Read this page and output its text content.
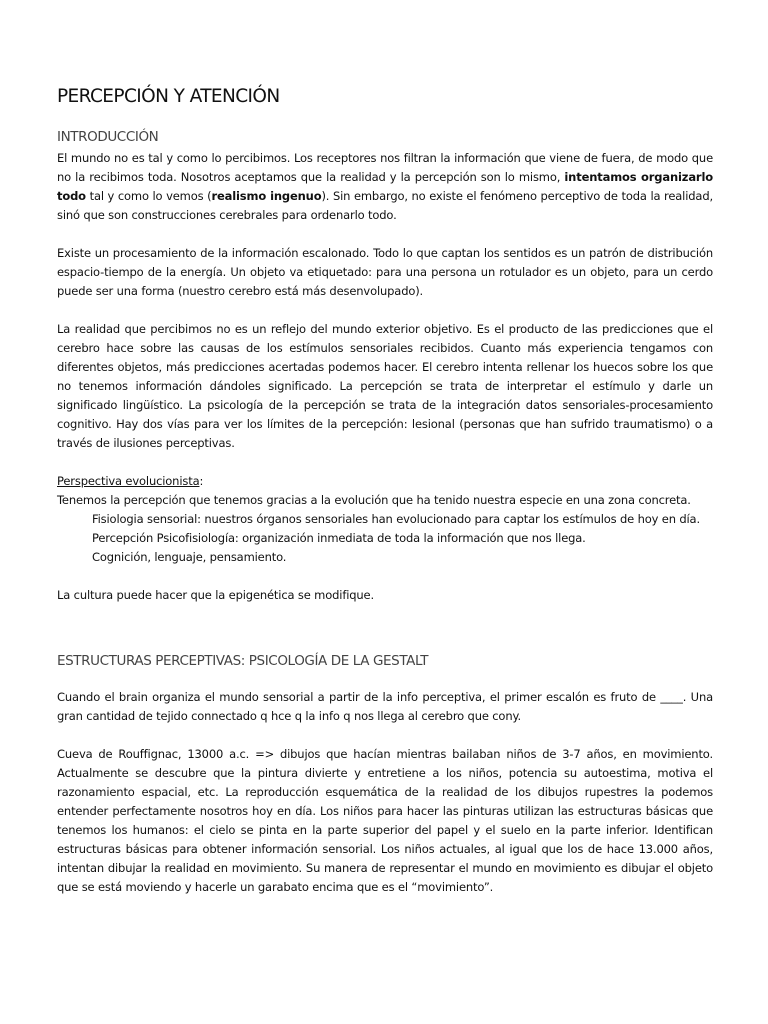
PERCEPCIÓN Y ATENCIÓN
INTRODUCCIÓN

El mundo no es tal y como lo percibimos. Los receptores nos filtran la información que viene de fuera, de modo que no la recibimos toda. Nosotros aceptamos que la realidad y la percepción son lo mismo, intentamos organizarlo todo tal y como lo vemos (realismo ingenuo). Sin embargo, no existe el fenómeno perceptivo de toda la realidad, sinó que son construcciones cerebrales para ordenarlo todo.

Existe un procesamiento de la información escalonado. Todo lo que captan los sentidos es un patrón de distribución espacio-tiempo de la energía. Un objeto va etiquetado: para una persona un rotulador es un objeto, para un cerdo puede ser una forma (nuestro cerebro está más desenvolupado).

La realidad que percibimos no es un reflejo del mundo exterior objetivo. Es el producto de las predicciones que el cerebro hace sobre las causas de los estímulos sensoriales recibidos. Cuanto más experiencia tengamos con diferentes objetos, más predicciones acertadas podemos hacer. El cerebro intenta rellenar los huecos sobre los que no tenemos información dándoles significado. La percepción se trata de interpretar el estímulo y darle un significado lingüístico. La psicología de la percepción se trata de la integración datos sensoriales-procesamiento cognitivo. Hay dos vías para ver los límites de la percepción: lesional (personas que han sufrido traumatismo) o a través de ilusiones perceptivas.

Perspectiva evolucionista:

Tenemos la percepción que tenemos gracias a la evolución que ha tenido nuestra especie en una zona concreta.

Fisiologia sensorial: nuestros órganos sensoriales han evolucionado para captar los estímulos de hoy en día.

Percepción Psicofisiología: organización inmediata de toda la información que nos llega.

Cognición, lenguaje, pensamiento.

La cultura puede hacer que la epigenética se modifique.

ESTRUCTURAS PERCEPTIVAS: PSICOLOGÍA DE LA GESTALT

Cuando el brain organiza el mundo sensorial a partir de la info perceptiva, el primer escalón es fruto de ____. Una gran cantidad de tejido connectado q hce q la info q nos llega al cerebro que cony.

Cueva de Rouffignac, 13000 a.c. => dibujos que hacían mientras bailaban niños de 3-7 años, en movimiento. Actualmente se descubre que la pintura divierte y entretiene a los niños, potencia su autoestima, motiva el razonamiento espacial, etc. La reproducción esquemática de la realidad de los dibujos rupestres la podemos entender perfectamente nosotros hoy en día. Los niños para hacer las pinturas utilizan las estructuras básicas que tenemos los humanos: el cielo se pinta en la parte superior del papel y el suelo en la parte inferior. Identifican estructuras básicas para obtener información sensorial. Los niños actuales, al igual que los de hace 13.000 años, intentan dibujar la realidad en movimiento. Su manera de representar el mundo en movimiento es dibujar el objeto que se está moviendo y hacerle un garabato encima que es el “movimiento”.
